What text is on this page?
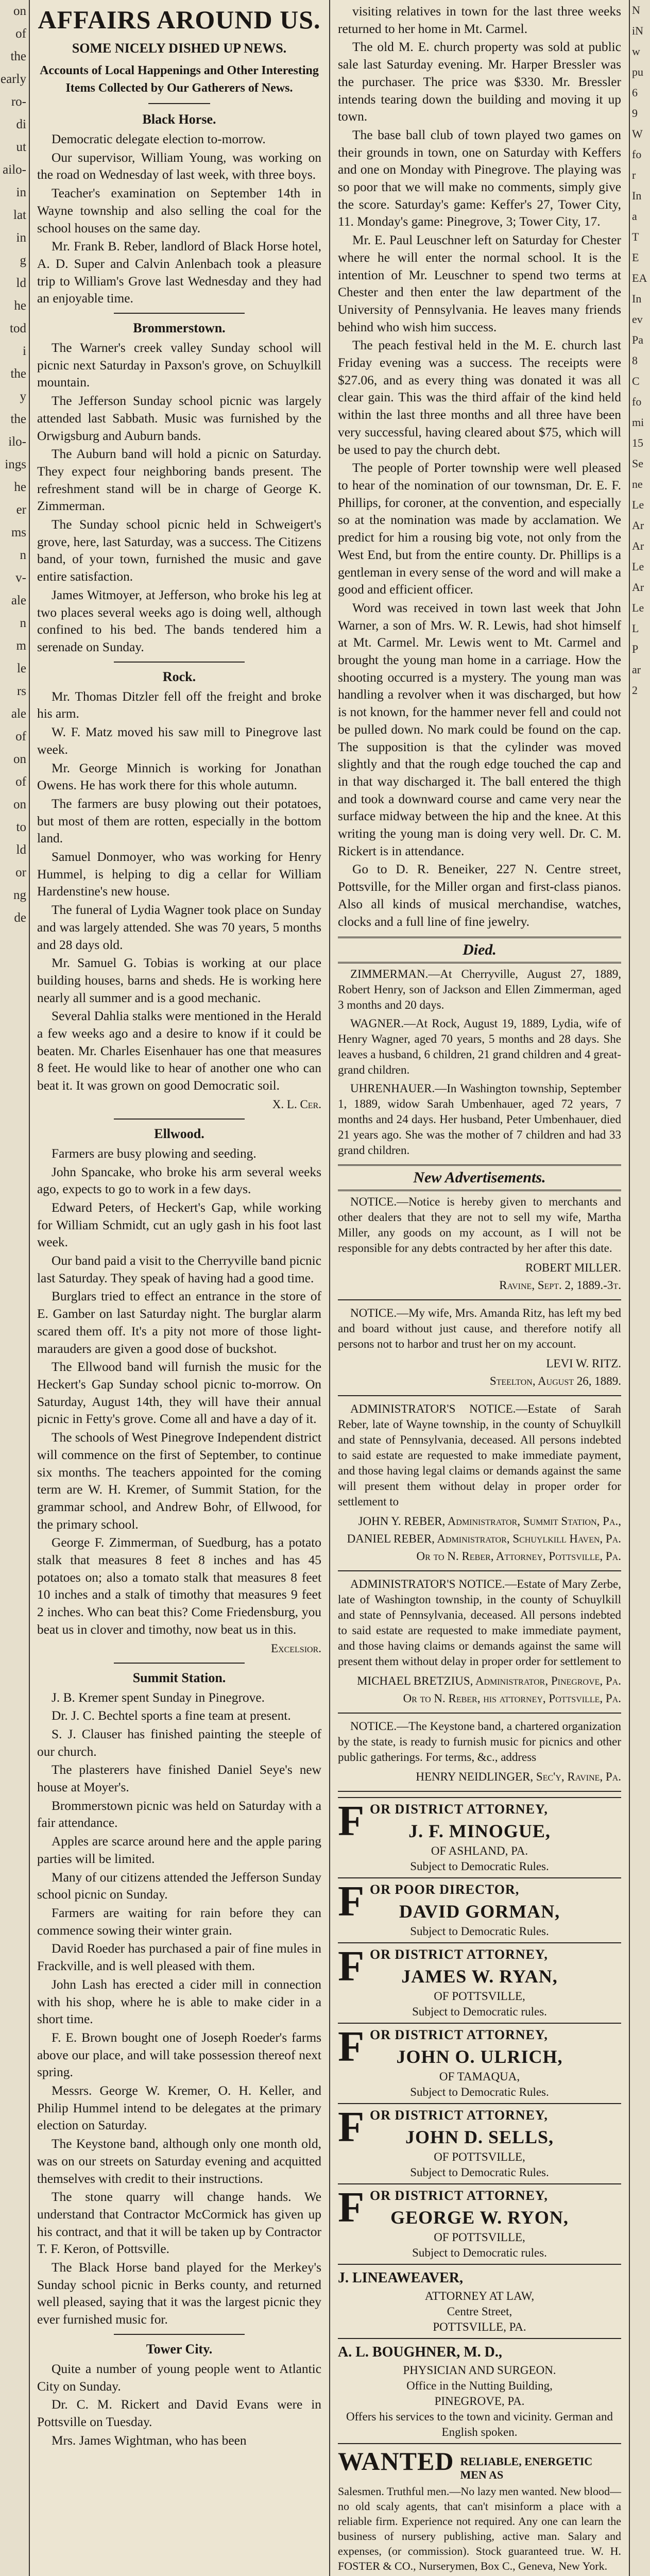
on
of
the
early
ro-
di
ut
ailo-
in
lat
in
g
ld
he
tod
i
the
y
the
ilo-
ings
he
er
ms
n
v-
ale
n
m
le
rs
ale
of
on
of
on
to
ld
or
ng
de
AFFAIRS AROUND US.
SOME NICELY DISHED UP NEWS.
Accounts of Local Happenings and Other Interesting Items Collected by Our Gatherers of News.
Black Horse.

Democratic delegate election to-morrow.

Our supervisor, William Young, was working on the road on Wednesday of last week, with three boys.

Teacher's examination on September 14th in Wayne township and also selling the coal for the school houses on the same day.

Mr. Frank B. Reber, landlord of Black Horse hotel, A. D. Super and Calvin Anlenbach took a pleasure trip to William's Grove last Wednesday and they had an enjoyable time.

Brommerstown.

The Warner's creek valley Sunday school will picnic next Saturday in Paxson's grove, on Schuylkill mountain.

The Jefferson Sunday school picnic was largely attended last Sabbath. Music was furnished by the Orwigsburg and Auburn bands.

The Auburn band will hold a picnic on Saturday. They expect four neighboring bands present. The refreshment stand will be in charge of George K. Zimmerman.

The Sunday school picnic held in Schweigert's grove, here, last Saturday, was a success. The Citizens band, of your town, furnished the music and gave entire satisfaction.

James Witmoyer, at Jefferson, who broke his leg at two places several weeks ago is doing well, although confined to his bed. The bands tendered him a serenade on Sunday.

Rock.

Mr. Thomas Ditzler fell off the freight and broke his arm.

W. F. Matz moved his saw mill to Pinegrove last week.

Mr. George Minnich is working for Jonathan Owens. He has work there for this whole autumn.

The farmers are busy plowing out their potatoes, but most of them are rotten, especially in the bottom land.

Samuel Donmoyer, who was working for Henry Hummel, is helping to dig a cellar for William Hardenstine's new house.

The funeral of Lydia Wagner took place on Sunday and was largely attended. She was 70 years, 5 months and 28 days old.

Mr. Samuel G. Tobias is working at our place building houses, barns and sheds. He is working here nearly all summer and is a good mechanic.

Several Dahlia stalks were mentioned in the Herald a few weeks ago and a desire to know if it could be beaten. Mr. Charles Eisenhauer has one that measures 8 feet. He would like to hear of another one who can beat it. It was grown on good Democratic soil.

X. L. Cer.
Ellwood.

Farmers are busy plowing and seeding.

John Spancake, who broke his arm several weeks ago, expects to go to work in a few days.

Edward Peters, of Heckert's Gap, while working for William Schmidt, cut an ugly gash in his foot last week.

Our band paid a visit to the Cherryville band picnic last Saturday. They speak of having had a good time.

Burglars tried to effect an entrance in the store of E. Gamber on last Saturday night. The burglar alarm scared them off. It's a pity not more of those light-marauders are given a good dose of buckshot.

The Ellwood band will furnish the music for the Heckert's Gap Sunday school picnic to-morrow. On Saturday, August 14th, they will have their annual picnic in Fetty's grove. Come all and have a day of it.

The schools of West Pinegrove Independent district will commence on the first of September, to continue six months. The teachers appointed for the coming term are W. H. Kremer, of Summit Station, for the grammar school, and Andrew Bohr, of Ellwood, for the primary school.

George F. Zimmerman, of Suedburg, has a potato stalk that measures 8 feet 8 inches and has 45 potatoes on; also a tomato stalk that measures 8 feet 10 inches and a stalk of timothy that measures 9 feet 2 inches. Who can beat this? Come Friedensburg, you beat us in clover and timothy, now beat us in this.

Excelsior.
Summit Station.

J. B. Kremer spent Sunday in Pinegrove.

Dr. J. C. Bechtel sports a fine team at present.

S. J. Clauser has finished painting the steeple of our church.

The plasterers have finished Daniel Seye's new house at Moyer's.

Brommerstown picnic was held on Saturday with a fair attendance.

Apples are scarce around here and the apple paring parties will be limited.

Many of our citizens attended the Jefferson Sunday school picnic on Sunday.

Farmers are waiting for rain before they can commence sowing their winter grain.

David Roeder has purchased a pair of fine mules in Frackville, and is well pleased with them.

John Lash has erected a cider mill in connection with his shop, where he is able to make cider in a short time.

F. E. Brown bought one of Joseph Roeder's farms above our place, and will take possession thereof next spring.

Messrs. George W. Kremer, O. H. Keller, and Philip Hummel intend to be delegates at the primary election on Saturday.

The Keystone band, although only one month old, was on our streets on Saturday evening and acquitted themselves with credit to their instructions.

The stone quarry will change hands. We understand that Contractor McCormick has given up his contract, and that it will be taken up by Contractor T. F. Keron, of Pottsville.

The Black Horse band played for the Merkey's Sunday school picnic in Berks county, and returned well pleased, saying that it was the largest picnic they ever furnished music for.

Tower City.

Quite a number of young people went to Atlantic City on Sunday.

Dr. C. M. Rickert and David Evans were in Pottsville on Tuesday.

Mrs. James Wightman, who has been

visiting relatives in town for the last three weeks returned to her home in Mt. Carmel.

The old M. E. church property was sold at public sale last Saturday evening. Mr. Harper Bressler was the purchaser. The price was $330. Mr. Bressler intends tearing down the building and moving it up town.

The base ball club of town played two games on their grounds in town, one on Saturday with Keffers and one on Monday with Pinegrove. The playing was so poor that we will make no comments, simply give the score. Saturday's game: Keffer's 27, Tower City, 11. Monday's game: Pinegrove, 3; Tower City, 17.

Mr. E. Paul Leuschner left on Saturday for Chester where he will enter the normal school. It is the intention of Mr. Leuschner to spend two terms at Chester and then enter the law department of the University of Pennsylvania. He leaves many friends behind who wish him success.

The peach festival held in the M. E. church last Friday evening was a success. The receipts were $27.06, and as every thing was donated it was all clear gain. This was the third affair of the kind held within the last three months and all three have been very successful, having cleared about $75, which will be used to pay the church debt.

The people of Porter township were well pleased to hear of the nomination of our townsman, Dr. E. F. Phillips, for coroner, at the convention, and especially so at the nomination was made by acclamation. We predict for him a rousing big vote, not only from the West End, but from the entire county. Dr. Phillips is a gentleman in every sense of the word and will make a good and efficient officer.

Word was received in town last week that John Warner, a son of Mrs. W. R. Lewis, had shot himself at Mt. Carmel. Mr. Lewis went to Mt. Carmel and brought the young man home in a carriage. How the shooting occurred is a mystery. The young man was handling a revolver when it was discharged, but how is not known, for the hammer never fell and could not be pulled down. No mark could be found on the cap. The supposition is that the cylinder was moved slightly and that the rough edge touched the cap and in that way discharged it. The ball entered the thigh and took a downward course and came very near the surface midway between the hip and the knee. At this writing the young man is doing very well. Dr. C. M. Rickert is in attendance.

Go to D. R. Beneiker, 227 N. Centre street, Pottsville, for the Miller organ and first-class pianos. Also all kinds of musical merchandise, watches, clocks and a full line of fine jewelry.

Died.

ZIMMERMAN.—At Cherryville, August 27, 1889, Robert Henry, son of Jackson and Ellen Zimmerman, aged 3 months and 20 days.

WAGNER.—At Rock, August 19, 1889, Lydia, wife of Henry Wagner, aged 70 years, 5 months and 28 days. She leaves a husband, 6 children, 21 grand children and 4 great-grand children.

UHRENHAUER.—In Washington township, September 1, 1889, widow Sarah Umbenhauer, aged 72 years, 7 months and 24 days. Her husband, Peter Umbenhauer, died 21 years ago. She was the mother of 7 children and had 33 grand children.

New Advertisements.

NOTICE.—Notice is hereby given to merchants and other dealers that they are not to sell my wife, Martha Miller, any goods on my account, as I will not be responsible for any debts contracted by her after this date.

ROBERT MILLER.
Ravine, Sept. 2, 1889.-3t.

NOTICE.—My wife, Mrs. Amanda Ritz, has left my bed and board without just cause, and therefore notify all persons not to harbor and trust her on my account.

LEVI W. RITZ.
Steelton, August 26, 1889.

ADMINISTRATOR'S NOTICE.—Estate of Sarah Reber, late of Wayne township, in the county of Schuylkill and state of Pennsylvania, deceased. All persons indebted to said estate are requested to make immediate payment, and those having legal claims or demands against the same will present them without delay in proper order for settlement to

JOHN Y. REBER, Administrator, Summit Station, Pa., DANIEL REBER, Administrator, Schuylkill Haven, Pa.
Or to N. Reber, Attorney, Pottsville, Pa.

ADMINISTRATOR'S NOTICE.—Estate of Mary Zerbe, late of Washington township, in the county of Schuylkill and state of Pennsylvania, deceased. All persons indebted to said estate are requested to make immediate payment, and those having claims or demands against the same will present them without delay in proper order for settlement to

MICHAEL BRETZIUS, Administrator, Pinegrove, Pa.
Or to N. Reber, his attorney, Pottsville, Pa.

NOTICE.—The Keystone band, a chartered organization by the state, is ready to furnish music for picnics and other public gatherings. For terms, &c., address

HENRY NEIDLINGER, Sec'y, Ravine, Pa.
F OR DISTRICT ATTORNEY,
J. F. MINOGUE,
OF ASHLAND, PA.
Subject to Democratic Rules.
F OR POOR DIRECTOR,
DAVID GORMAN,
Subject to Democratic Rules.
F OR DISTRICT ATTORNEY,
JAMES W. RYAN,
OF POTTSVILLE,
Subject to Democratic rules.
F OR DISTRICT ATTORNEY,
JOHN O. ULRICH,
OF TAMAQUA,
Subject to Democratic Rules.
F OR DISTRICT ATTORNEY,
JOHN D. SELLS,
OF POTTSVILLE,
Subject to Democratic Rules.
F OR DISTRICT ATTORNEY,
GEORGE W. RYON,
OF POTTSVILLE,
Subject to Democratic rules.
J. LINEAWEAVER,
ATTORNEY AT LAW,
Centre Street,
POTTSVILLE, PA.
A. L. BOUGHNER, M. D.,
PHYSICIAN AND SURGEON.
Office in the Nutting Building,
PINEGROVE, PA.
Offers his services to the town and vicinity. German and English spoken.
WANTED RELIABLE, ENERGETIC MEN AS
Salesmen. Truthful men.—No lazy men wanted. New blood—no old scaly agents, that can't misinform a place with a reliable firm. Experience not required. Any one can learn the business of nursery publishing, active man. Salary and expenses, (or commission). Stock guaranteed true. W. H. FOSTER & CO., Nurserymen, Box C., Geneva, New York.
N
iN
w
pu
6
9
W
fo
r
In
a
T
E
EA
In
ev
Pa
8
C
fo
mi
15
Se
ne
Le
Ar
Ar
Le
Ar
Le
L
P
ar
2
